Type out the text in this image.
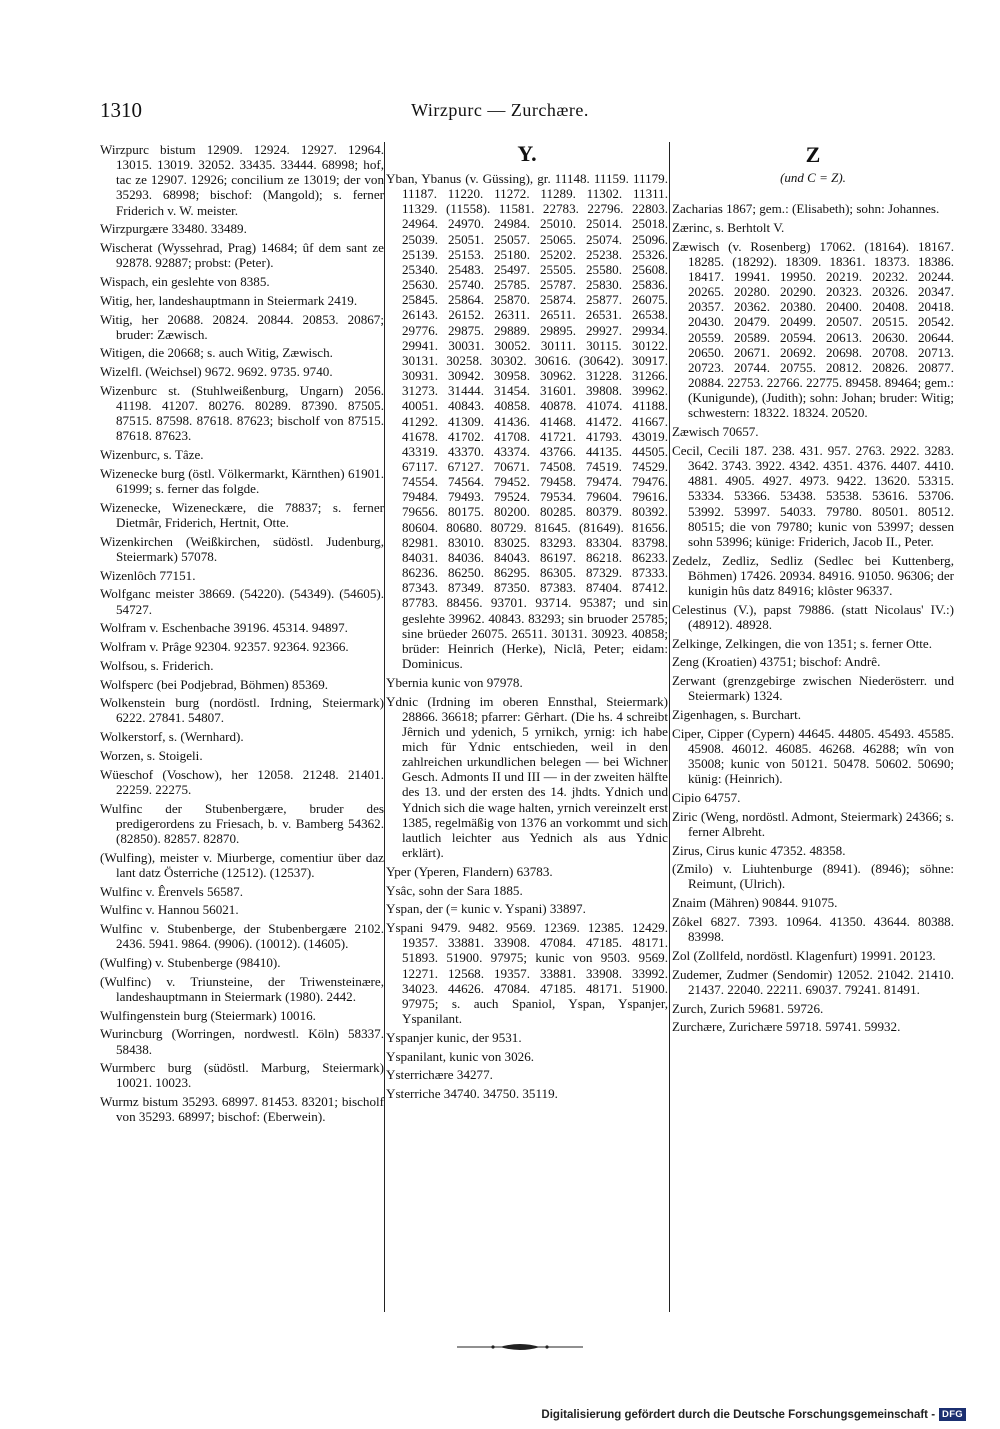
1310	Wirzpurc — Zurchære.
Wirzpurc bistum 12909. 12924. 12927. 12964. 13015. 13019. 32052. 33435. 33444. 68998; hof, tac ze 12907. 12926; concilium ze 13019; der von 35293. 68998; bischof: (Mangold); s. ferner Friderich v. W. meister.
Wirzpurgære 33480. 33489.
Wischerat (Wyssehrad, Prag) 14684; ûf dem sant ze 92878. 92887; probst: (Peter).
Wispach, ein geslehte von 8385.
Witig, her, landeshauptmann in Steiermark 2419.
Witig, her 20688. 20824. 20844. 20853. 20867; bruder: Zæwisch.
Witigen, die 20668; s. auch Witig, Zæwisch.
Wizelfl. (Weichsel) 9672. 9692. 9735. 9740.
Wizenburc st. (Stuhlweißenburg, Ungarn) 2056. 41198. 41207. 80276. 80289. 87390. 87505. 87515. 87598. 87618. 87623; bischolf von 87515. 87618. 87623.
Wizenburc, s. Tâze.
Wizenecke burg (östl. Völkermarkt, Kärnthen) 61901. 61999; s. ferner das folgde.
Wizenecke, Wizeneckære, die 78837; s. ferner Dietmâr, Friderich, Hertnit, Otte.
Wizenkirchen (Weißkirchen, südöstl. Judenburg, Steiermark) 57078.
Wizenlôch 77151.
Wolfganc meister 38669. (54220). (54349). (54605). 54727.
Wolfram v. Eschenbache 39196. 45314. 94897.
Wolfram v. Prâge 92304. 92357. 92364. 92366.
Wolfsou, s. Friderich.
Wolfsperc (bei Podjebrad, Böhmen) 85369.
Wolkenstein burg (nordöstl. Irdning, Steiermark) 6222. 27841. 54807.
Wolkerstorf, s. (Wernhard).
Worzen, s. Stoigeli.
Wüeschof (Voschow), her 12058. 21248. 21401. 22259. 22275.
Wulfinc der Stubenbergære, bruder des predigerordens zu Friesach, b. v. Bamberg 54362. (82850). 82857. 82870.
(Wulfing), meister v. Miurberge, comentiur über daz lant datz Österriche (12512). (12537).
Wulfinc v. Êrenvels 56587.
Wulfinc v. Hannou 56021.
Wulfinc v. Stubenberge, der Stubenbergære 2102. 2436. 5941. 9864. (9906). (10012). (14605).
(Wulfing) v. Stubenberge (98410).
(Wulfinc) v. Triunsteine, der Triwensteinære, landeshauptmann in Steiermark (1980). 2442.
Wulfingenstein burg (Steiermark) 10016.
Wurincburg (Worringen, nordwestl. Köln) 58337. 58438.
Wurmberc burg (südöstl. Marburg, Steiermark) 10021. 10023.
Wurmz bistum 35293. 68997. 81453. 83201; bischolf von 35293. 68997; bischof: (Eberwein).
Y.
Yban, Ybanus (v. Güssing), gr. 11148. 11159. 11179. 11187. 11220. 11272. 11289. 11302. 11311. 11329. (11558). 11581. 22783. 22796. 22803. 24964. 24970. 24984. 25010. 25014. 25018. 25039. 25051. 25057. 25065. 25074. 25096. 25139. 25153. 25180. 25202. 25238. 25326. 25340. 25483. 25497. 25505. 25580. 25608. 25630. 25740. 25785. 25787. 25830. 25836. 25845. 25864. 25870. 25874. 25877. 26075. 26143. 26152. 26311. 26511. 26531. 26538. 29776. 29875. 29889. 29895. 29927. 29934. 29941. 30031. 30052. 30111. 30115. 30122. 30131. 30258. 30302. 30616. (30642). 30917. 30931. 30942. 30958. 30962. 31228. 31266. 31273. 31444. 31454. 31601. 39808. 39962. 40051. 40843. 40858. 40878. 41074. 41188. 41292. 41309. 41436. 41468. 41472. 41667. 41678. 41702. 41708. 41721. 41793. 43019. 43319. 43370. 43374. 43766. 44135. 44505. 67117. 67127. 70671. 74508. 74519. 74529. 74554. 74564. 79452. 79458. 79474. 79476. 79484. 79493. 79524. 79534. 79604. 79616. 79656. 80175. 80200. 80285. 80379. 80392. 80604. 80680. 80729. 81645. (81649). 81656. 82981. 83010. 83025. 83293. 83304. 83798. 84031. 84036. 84043. 86197. 86218. 86233. 86236. 86250. 86295. 86305. 87329. 87333. 87343. 87349. 87350. 87383. 87404. 87412. 87783. 88456. 93701. 93714. 95387; und sin geslehte 39962. 40843. 83293; sin bruoder 25785; sine brüeder 26075. 26511. 30131. 30923. 40858; brüder: Heinrich (Herke), Niclâ, Peter; eidam: Dominicus.
Ybernia kunic von 97978.
Ydnic (Irdning im oberen Ennsthal, Steiermark) 28866. 36618; pfarrer: Gêrhart. (Die hs. 4 schreibt Jêrnich und ydenich, 5 yrnikch, yrnig: ich habe mich für Ydnic entschieden, weil in den zahlreichen urkundlichen belegen — bei Wichner Gesch. Admonts II und III — in der zweiten hälfte des 13. und der ersten des 14. jhdts. Ydnich und Ydnich sich die wage halten, yrnich vereinzelt erst 1385, regelmäßig von 1376 an vorkommt und sich lautlich leichter aus Yednich als aus Ydnic erklärt).
Yper (Yperen, Flandern) 63783.
Ysâc, sohn der Sara 1885.
Yspan, der (= kunic v. Yspani) 33897.
Yspani 9479. 9482. 9569. 12369. 12385. 12429. 19357. 33881. 33908. 47084. 47185. 48171. 51893. 51900. 97975; kunic von 9503. 9569. 12271. 12568. 19357. 33881. 33908. 33992. 34023. 44626. 47084. 47185. 48171. 51900. 97975; s. auch Spaniol, Yspan, Yspanjer, Yspanilant.
Yspanjer kunic, der 9531.
Yspanilant, kunic von 3026.
Ysterrichære 34277.
Ysterriche 34740. 34750. 35119.
Z
(und C = Z).
Zacharias 1867; gem.: (Elisabeth); sohn: Johannes.
Zærinc, s. Berhtolt V.
Zæwisch (v. Rosenberg) 17062. (18164). 18167. 18285. (18292). 18309. 18361. 18373. 18386. 18417. 19941. 19950. 20219. 20232. 20244. 20265. 20280. 20290. 20323. 20326. 20347. 20357. 20362. 20380. 20400. 20408. 20418. 20430. 20479. 20499. 20507. 20515. 20542. 20559. 20589. 20594. 20613. 20630. 20644. 20650. 20671. 20692. 20698. 20708. 20713. 20723. 20744. 20755. 20812. 20826. 20877. 20884. 22753. 22766. 22775. 89458. 89464; gem.: (Kunigunde), (Judith); sohn: Johan; bruder: Witig; schwestern: 18322. 18324. 20520.
Zæwisch 70657.
Cecil, Cecili 187. 238. 431. 957. 2763. 2922. 3283. 3642. 3743. 3922. 4342. 4351. 4376. 4407. 4410. 4881. 4905. 4927. 4973. 9422. 13620. 53315. 53334. 53366. 53438. 53538. 53616. 53706. 53992. 53997. 54033. 79780. 80501. 80512. 80515; die von 79780; kunic von 53997; dessen sohn 53996; künige: Friderich, Jacob II., Peter.
Zedelz, Zedliz, Sedliz (Sedlec bei Kuttenberg, Böhmen) 17426. 20934. 84916. 91050. 96306; der kunigin hûs datz 84916; klôster 96337.
Celestinus (V.), papst 79886. (statt Nicolaus' IV.:) (48912). 48928.
Zelkinge, Zelkingen, die von 1351; s. ferner Otte.
Zeng (Kroatien) 43751; bischof: Andrê.
Zerwant (grenzgebirge zwischen Niederösterr. und Steiermark) 1324.
Zigenhagen, s. Burchart.
Ciper, Cipper (Cypern) 44645. 44805. 45493. 45585. 45908. 46012. 46085. 46268. 46288; wîn von 35008; kunic von 50121. 50478. 50602. 50690; künig: (Heinrich).
Cipio 64757.
Ziric (Weng, nordöstl. Admont, Steiermark) 24366; s. ferner Albreht.
Zirus, Cirus kunic 47352. 48358.
(Zmilo) v. Liuhtenburge (8941). (8946); söhne: Reimunt, (Ulrich).
Znaim (Mähren) 90844. 91075.
Zôkel 6827. 7393. 10964. 41350. 43644. 80388. 83998.
Zol (Zollfeld, nordöstl. Klagenfurt) 19991. 20123.
Zudemer, Zudmer (Sendomir) 12052. 21042. 21410. 21437. 22040. 22211. 69037. 79241. 81491.
Zurch, Zurich 59681. 59726.
Zurchære, Zurichære 59718. 59741. 59932.
Digitalisierung gefördert durch die Deutsche Forschungsgemeinschaft - DFG
